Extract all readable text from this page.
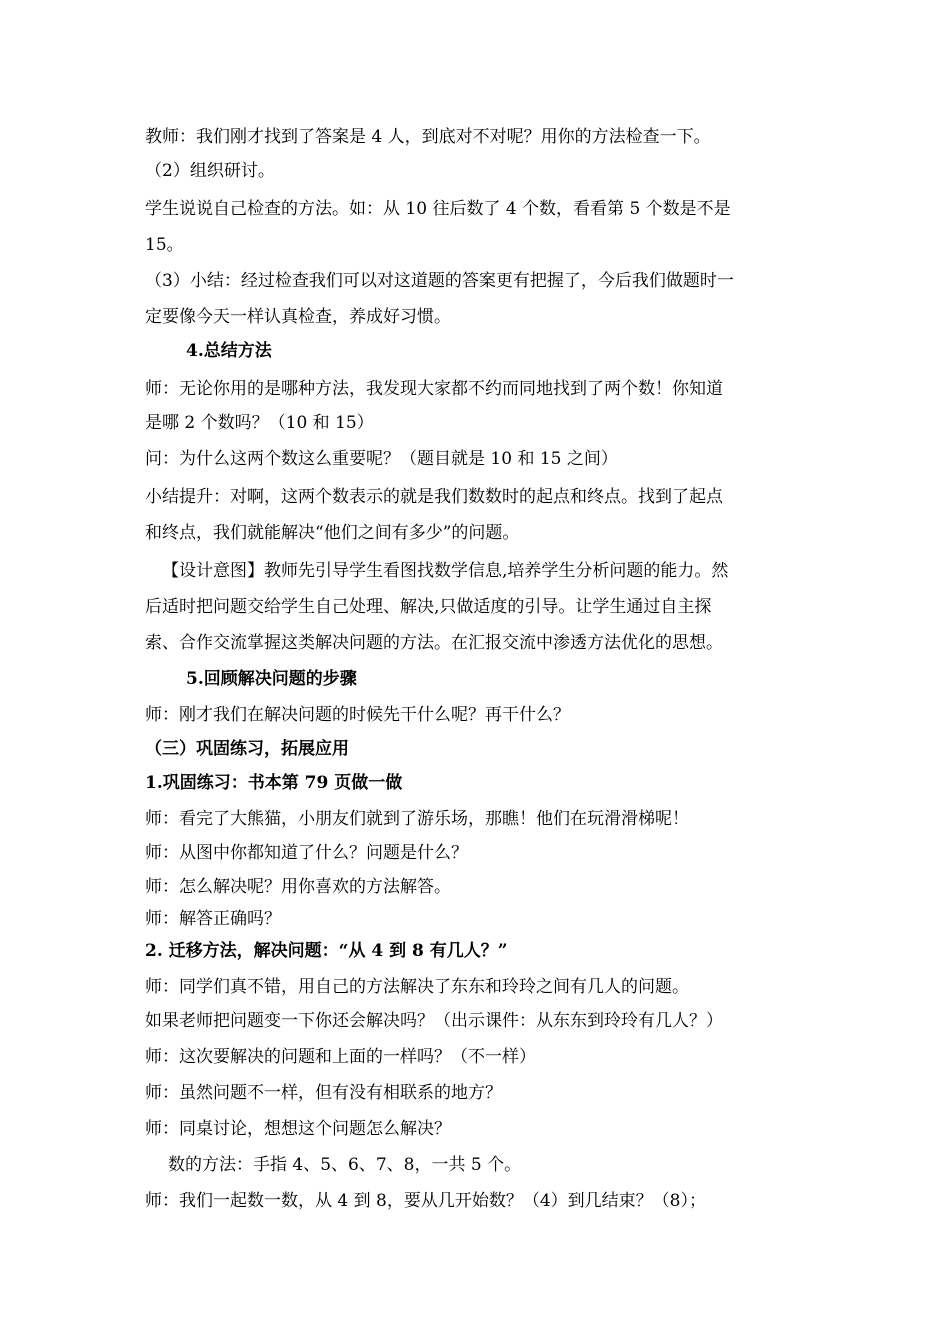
教师：我们刚才找到了答案是 4 人，到底对不对呢？用你的方法检查一下。
（2）组织研讨。
学生说说自己检查的方法。如：从 10 往后数了 4 个数，看看第 5 个数是不是
15。
（3）小结：经过检查我们可以对这道题的答案更有把握了，今后我们做题时一
定要像今天一样认真检查，养成好习惯。
4.总结方法
师：无论你用的是哪种方法，我发现大家都不约而同地找到了两个数！你知道
是哪 2 个数吗？（10 和 15）
问：为什么这两个数这么重要呢？（题目就是 10 和 15 之间）
小结提升：对啊，这两个数表示的就是我们数数时的起点和终点。找到了起点
和终点，我们就能解决“他们之间有多少”的问题。
【设计意图】教师先引导学生看图找数学信息,培养学生分析问题的能力。然
后适时把问题交给学生自己处理、解决,只做适度的引导。让学生通过自主探
索、合作交流掌握这类解决问题的方法。在汇报交流中渗透方法优化的思想。
5.回顾解决问题的步骤
师：刚才我们在解决问题的时候先干什么呢？再干什么？
（三）巩固练习，拓展应用
1.巩固练习：书本第 79 页做一做
师：看完了大熊猫，小朋友们就到了游乐场，那瞧！他们在玩滑滑梯呢！
师：从图中你都知道了什么？问题是什么？
师：怎么解决呢？用你喜欢的方法解答。
师：解答正确吗？
2. 迁移方法，解决问题：“从 4 到 8 有几人？”
师：同学们真不错，用自己的方法解决了东东和玲玲之间有几人的问题。
如果老师把问题变一下你还会解决吗？（出示课件：从东东到玲玲有几人？）
师：这次要解决的问题和上面的一样吗？（不一样）
师：虽然问题不一样，但有没有相联系的地方？
师：同桌讨论，想想这个问题怎么解决？
数的方法：手指 4、5、6、7、8，一共 5 个。
师：我们一起数一数，从 4 到 8，要从几开始数？（4）到几结束？（8）；
